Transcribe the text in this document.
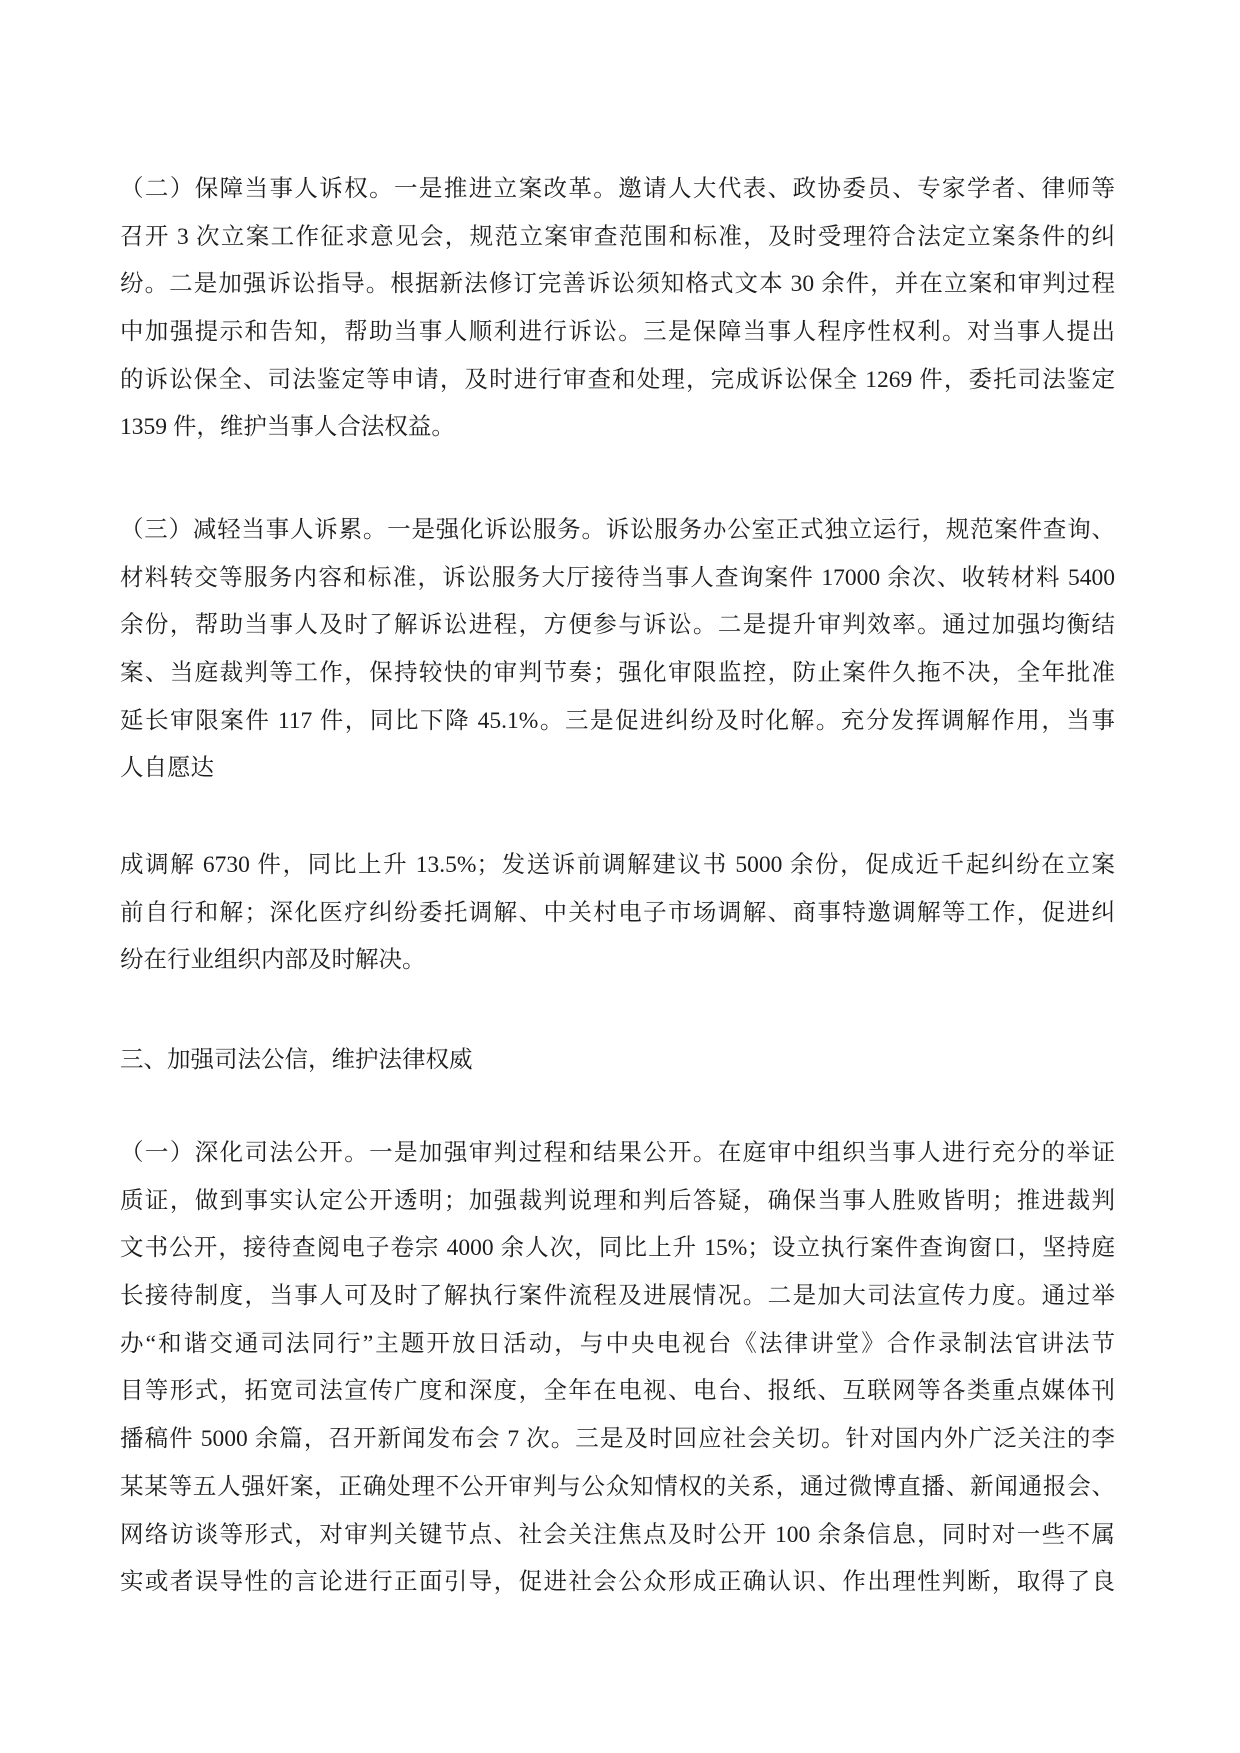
（二）保障当事人诉权。一是推进立案改革。邀请人大代表、政协委员、专家学者、律师等
召开 3 次立案工作征求意见会，规范立案审查范围和标准，及时受理符合法定立案条件的纠
纷。二是加强诉讼指导。根据新法修订完善诉讼须知格式文本 30 余件，并在立案和审判过程
中加强提示和告知，帮助当事人顺利进行诉讼。三是保障当事人程序性权利。对当事人提出
的诉讼保全、司法鉴定等申请，及时进行审查和处理，完成诉讼保全 1269 件，委托司法鉴定
1359 件，维护当事人合法权益。
（三）减轻当事人诉累。一是强化诉讼服务。诉讼服务办公室正式独立运行，规范案件查询、
材料转交等服务内容和标准，诉讼服务大厅接待当事人查询案件 17000 余次、收转材料 5400
余份，帮助当事人及时了解诉讼进程，方便参与诉讼。二是提升审判效率。通过加强均衡结
案、当庭裁判等工作，保持较快的审判节奏；强化审限监控，防止案件久拖不决，全年批准
延长审限案件 117 件，同比下降 45.1%。三是促进纠纷及时化解。充分发挥调解作用，当事
人自愿达
成调解 6730 件，同比上升 13.5%；发送诉前调解建议书 5000 余份，促成近千起纠纷在立案
前自行和解；深化医疗纠纷委托调解、中关村电子市场调解、商事特邀调解等工作，促进纠
纷在行业组织内部及时解决。
三、加强司法公信，维护法律权威
（一）深化司法公开。一是加强审判过程和结果公开。在庭审中组织当事人进行充分的举证
质证，做到事实认定公开透明；加强裁判说理和判后答疑，确保当事人胜败皆明；推进裁判
文书公开，接待查阅电子卷宗 4000 余人次，同比上升 15%；设立执行案件查询窗口，坚持庭
长接待制度，当事人可及时了解执行案件流程及进展情况。二是加大司法宣传力度。通过举
办“和谐交通司法同行”主题开放日活动，与中央电视台《法律讲堂》合作录制法官讲法节
目等形式，拓宽司法宣传广度和深度，全年在电视、电台、报纸、互联网等各类重点媒体刊
播稿件 5000 余篇，召开新闻发布会 7 次。三是及时回应社会关切。针对国内外广泛关注的李
某某等五人强奸案，正确处理不公开审判与公众知情权的关系，通过微博直播、新闻通报会、
网络访谈等形式，对审判关键节点、社会关注焦点及时公开 100 余条信息，同时对一些不属
实或者误导性的言论进行正面引导，促进社会公众形成正确认识、作出理性判断，取得了良
